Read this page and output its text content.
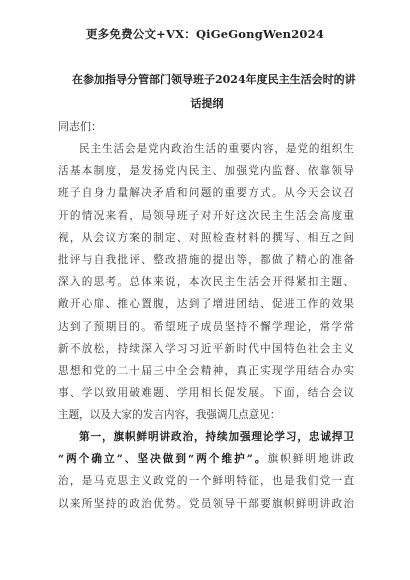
更多免费公文+VX：QiGeGongWen2024
在参加指导分管部门领导班子2024年度民主生活会时的讲
话提纲
同志们：
民主生活会是党内政治生活的重要内容，是党的组织生
活基本制度，是发扬党内民主、加强党内监督、依靠领导
班子自身力量解决矛盾和问题的重要方式。从今天会议召
开的情况来看，局领导班子对开好这次民主生活会高度重
视，从会议方案的制定、对照检查材料的撰写、相互之间
批评与自我批评、整改措施的提出等，都做了精心的准备
深入的思考。总体来说，本次民主生活会开得紧扣主题、
敞开心扉、推心置腹，达到了增进团结、促进工作的效果
达到了预期目的。希望班子成员坚持不懈学理论，常学常
新不放松，持续深入学习习近平新时代中国特色社会主义
思想和党的二十届三中全会精神，真正实现学用结合办实
事、学以致用破难题、学用相长促发展。下面，结合会议
主题，以及大家的发言内容，我强调几点意见：
第一，旗帜鲜明讲政治，持续加强理论学习，忠诚捍卫
“两个确立”、坚决做到“两个维护”。旗帜鲜明地讲政
治，是马克思主义政党的一个鲜明特征，也是我们党一直
以来所坚持的政治优势。党员领导干部要旗帜鲜明讲政治
